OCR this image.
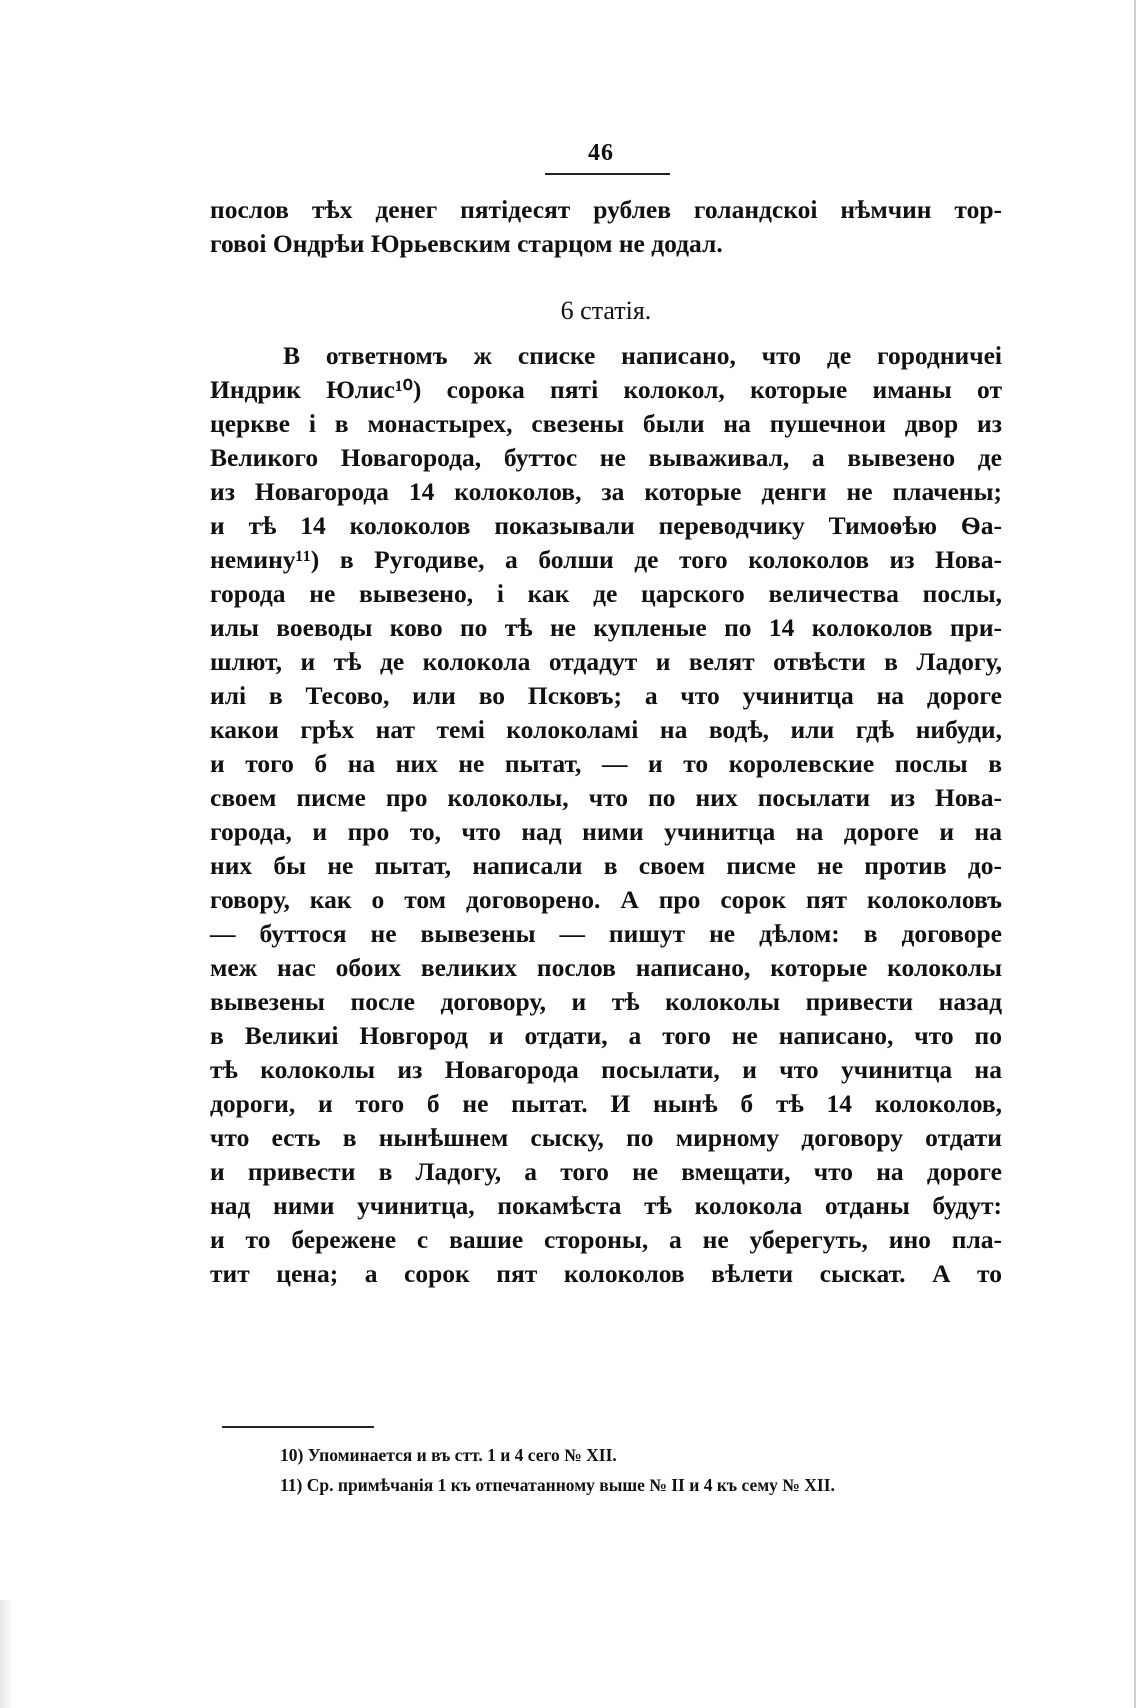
46
послов тѣх денег пятідесят рублев голандскоі нѣмчин тор-
говоі Ондрѣи Юрьевским старцом не додал.
6 статія.
В ответномъ ж списке написано, что де городничеі
Индрик Юлис¹⁰) сорока пяті колокол, которые иманы от
церкве і в монастырех, свезены были на пушечнои двор из
Великого Новагорода, буттос не вываживал, а вывезено де
из Новагорода 14 колоколов, за которые денги не плачены;
и тѣ 14 колоколов показывали переводчику Тимоѳѣю Ѳа-
немину¹¹) в Ругодиве, а болши де того колоколов из Нова-
города не вывезено, і как де царского величества послы,
илы воеводы ково по тѣ не купленые по 14 колоколов при-
шлют, и тѣ де колокола отдадут и велят отвѣсти в Ладогу,
илі в Тесово, или во Псковъ; а что учинитца на дороге
какои грѣх нат темі колоколамі на водѣ, или гдѣ нибуди,
и того б на них не пытат, — и то королевские послы в
своем писме про колоколы, что по них посылати из Нова-
города, и про то, что над ними учинитца на дороге и на
них бы не пытат, написали в своем писме не против до-
говору, как о том договорено. А про сорок пят колоколовъ
— буттося не вывезены — пишут не дѣлом: в договоре
меж нас обоих великих послов написано, которые колоколы
вывезены после договору, и тѣ колоколы привести назад
в Великиі Новгород и отдати, а того не написано, что по
тѣ колоколы из Новагорода посылати, и что учинитца на
дороги, и того б не пытат. И нынѣ б тѣ 14 колоколов,
что есть в нынѣшнем сыску, по мирному договору отдати
и привести в Ладогу, а того не вмещати, что на дороге
над ними учинитца, покамѣста тѣ колокола отданы будут:
и то бережене с вашие стороны, а не уберегуть, ино пла-
тит цена; а сорок пят колоколов вѣлети сыскат. А то
10) Упоминается и въ стт. 1 и 4 сего № XII.
11) Ср. примѣчанія 1 къ отпечатанному выше № II и 4 къ сему № XII.
